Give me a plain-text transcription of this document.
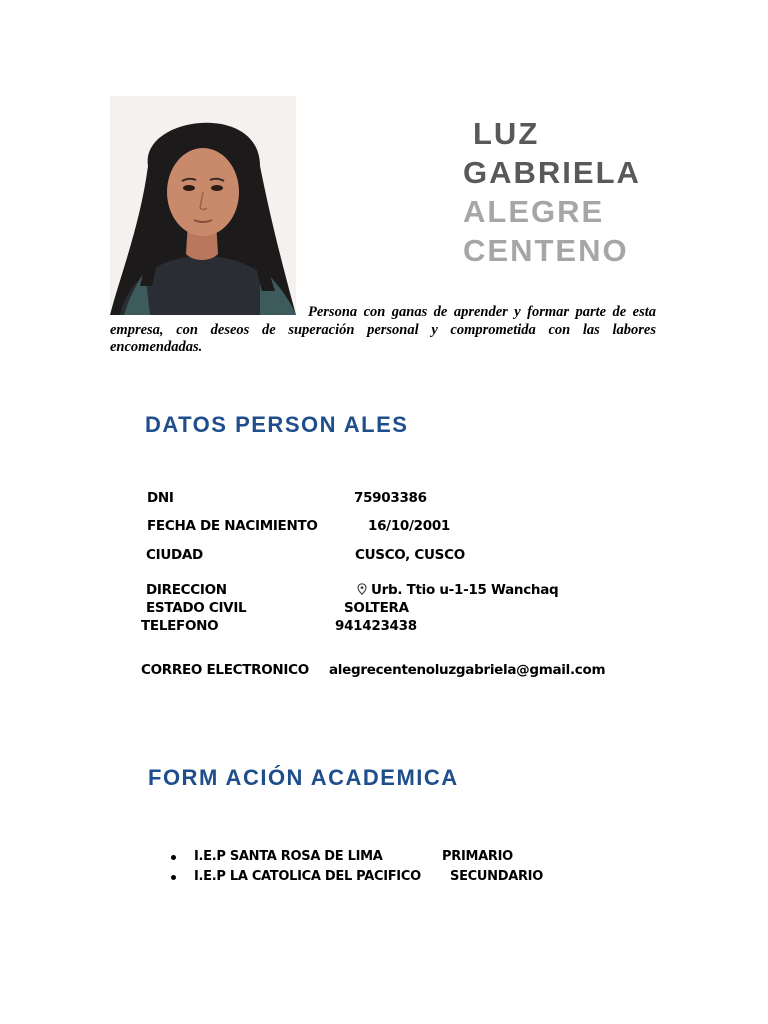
LUZ
GABRIELA
ALEGRE
CENTENO

Persona con ganas de aprender y formar parte de esta empresa, con deseos de superación personal y comprometida con las labores encomendadas.

DATOS PERSON ALES
DNI	75903386
FECHA DE NACIMIENTO	16/10/2001
CIUDAD	CUSCO, CUSCO
DIRECCION	Urb. Ttio u-1-15 Wanchaq
ESTADO CIVIL	SOLTERA
TELEFONO	941423438
CORREO ELECTRONICO alegrecentenoluzgabriela@gmail.com
FORM ACIÓN ACADEMICA
I.E.P SANTA ROSA DE LIMA	PRIMARIO
I.E.P LA CATOLICA DEL PACIFICO SECUNDARIO
